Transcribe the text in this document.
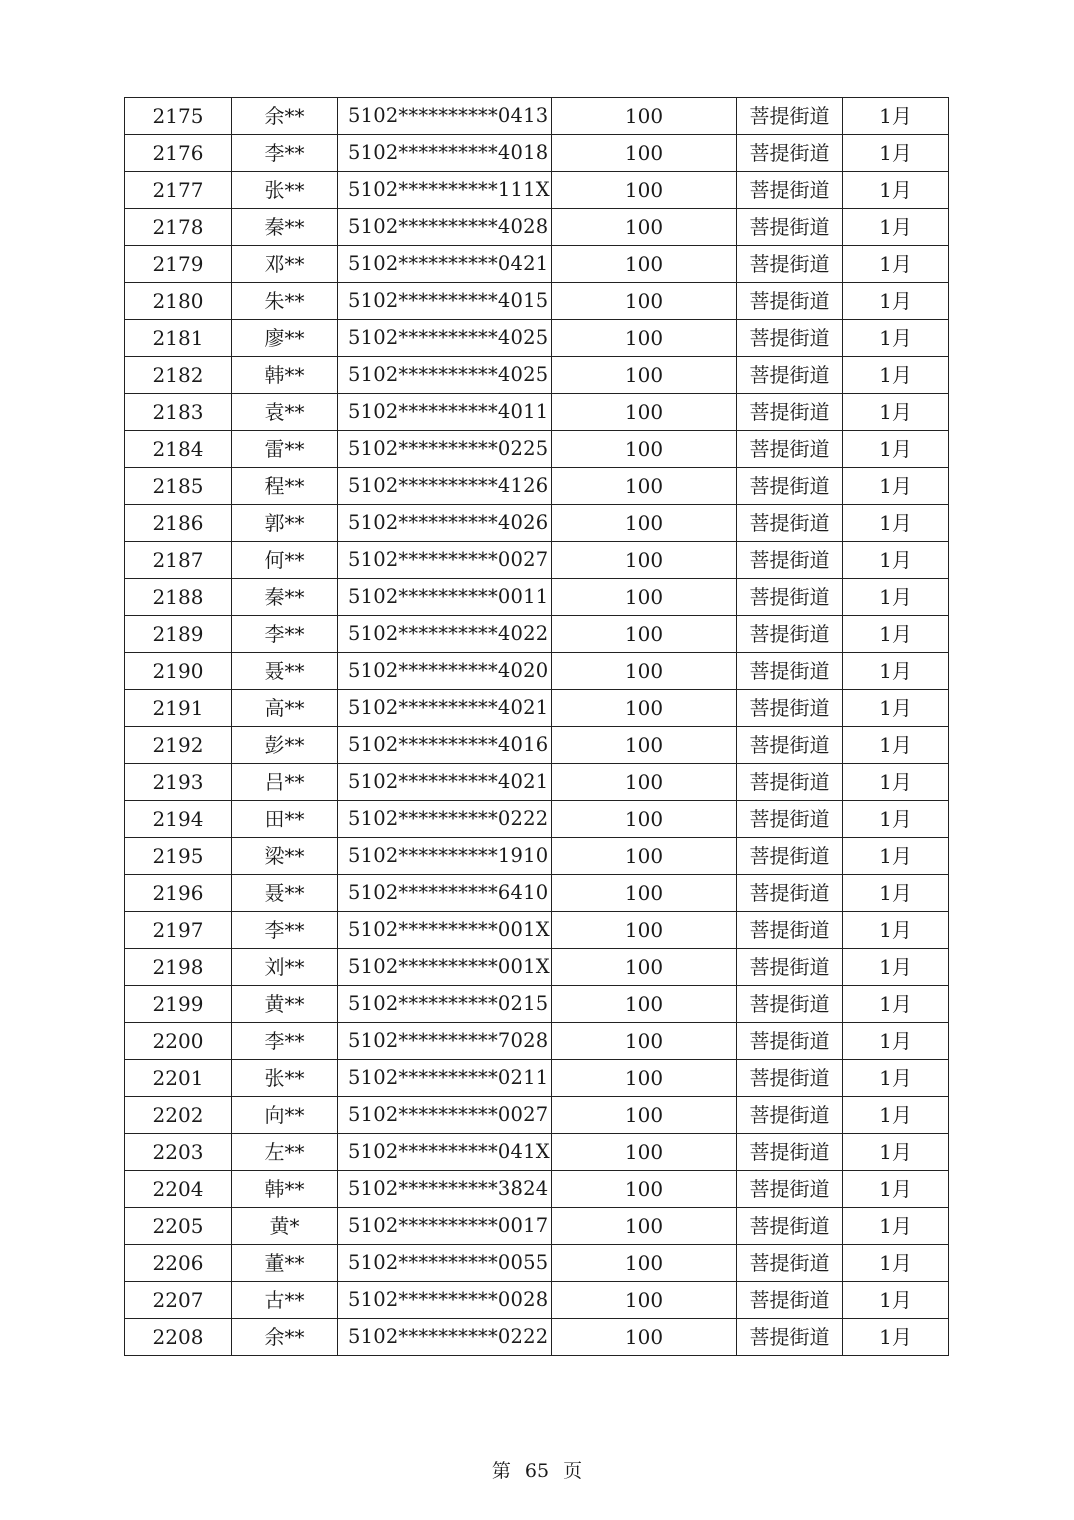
2175	余**	5102**********0413	100	菩提街道	1月
2176	李**	5102**********4018	100	菩提街道	1月
2177	张**	5102**********111X	100	菩提街道	1月
2178	秦**	5102**********4028	100	菩提街道	1月
2179	邓**	5102**********0421	100	菩提街道	1月
2180	朱**	5102**********4015	100	菩提街道	1月
2181	廖**	5102**********4025	100	菩提街道	1月
2182	韩**	5102**********4025	100	菩提街道	1月
2183	袁**	5102**********4011	100	菩提街道	1月
2184	雷**	5102**********0225	100	菩提街道	1月
2185	程**	5102**********4126	100	菩提街道	1月
2186	郭**	5102**********4026	100	菩提街道	1月
2187	何**	5102**********0027	100	菩提街道	1月
2188	秦**	5102**********0011	100	菩提街道	1月
2189	李**	5102**********4022	100	菩提街道	1月
2190	聂**	5102**********4020	100	菩提街道	1月
2191	高**	5102**********4021	100	菩提街道	1月
2192	彭**	5102**********4016	100	菩提街道	1月
2193	吕**	5102**********4021	100	菩提街道	1月
2194	田**	5102**********0222	100	菩提街道	1月
2195	梁**	5102**********1910	100	菩提街道	1月
2196	聂**	5102**********6410	100	菩提街道	1月
2197	李**	5102**********001X	100	菩提街道	1月
2198	刘**	5102**********001X	100	菩提街道	1月
2199	黄**	5102**********0215	100	菩提街道	1月
2200	李**	5102**********7028	100	菩提街道	1月
2201	张**	5102**********0211	100	菩提街道	1月
2202	向**	5102**********0027	100	菩提街道	1月
2203	左**	5102**********041X	100	菩提街道	1月
2204	韩**	5102**********3824	100	菩提街道	1月
2205	黄*	5102**********0017	100	菩提街道	1月
2206	董**	5102**********0055	100	菩提街道	1月
2207	古**	5102**********0028	100	菩提街道	1月
2208	余**	5102**********0222	100	菩提街道	1月
第 65 页
